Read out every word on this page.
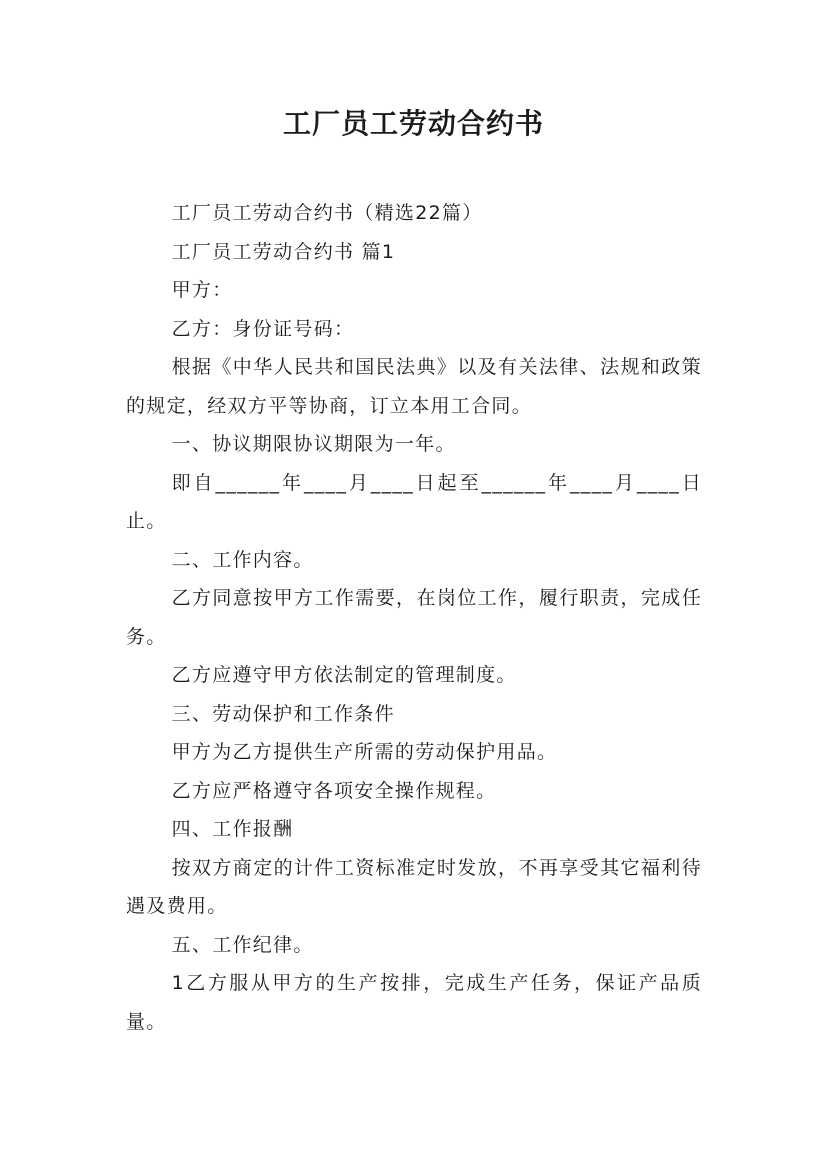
工厂员工劳动合约书

工厂员工劳动合约书（精选22篇）

工厂员工劳动合约书 篇1

甲方：

乙方：身份证号码：

根据《中华人民共和国民法典》以及有关法律、法规和政策的规定，经双方平等协商，订立本用工合同。

一、协议期限协议期限为一年。

即自______年____月____日起至______年____月____日止。

二、工作内容。

乙方同意按甲方工作需要，在岗位工作，履行职责，完成任务。

乙方应遵守甲方依法制定的管理制度。

三、劳动保护和工作条件

甲方为乙方提供生产所需的劳动保护用品。

乙方应严格遵守各项安全操作规程。

四、工作报酬

按双方商定的计件工资标准定时发放，不再享受其它福利待遇及费用。

五、工作纪律。

1乙方服从甲方的生产按排，完成生产任务，保证产品质量。
